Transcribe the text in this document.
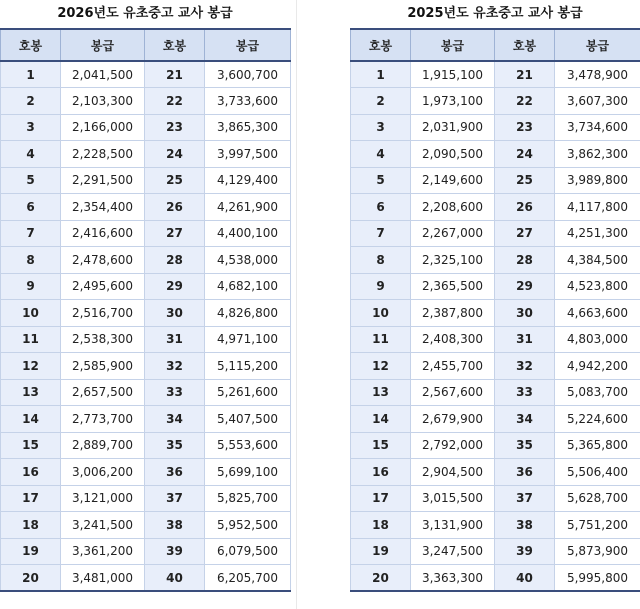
2026년도 유초중고 교사 봉급
호봉	봉급	호봉	봉급
1	2,041,500	21	3,600,700
2	2,103,300	22	3,733,600
3	2,166,000	23	3,865,300
4	2,228,500	24	3,997,500
5	2,291,500	25	4,129,400
6	2,354,400	26	4,261,900
7	2,416,600	27	4,400,100
8	2,478,600	28	4,538,000
9	2,495,600	29	4,682,100
10	2,516,700	30	4,826,800
11	2,538,300	31	4,971,100
12	2,585,900	32	5,115,200
13	2,657,500	33	5,261,600
14	2,773,700	34	5,407,500
15	2,889,700	35	5,553,600
16	3,006,200	36	5,699,100
17	3,121,000	37	5,825,700
18	3,241,500	38	5,952,500
19	3,361,200	39	6,079,500
20	3,481,000	40	6,205,700
2025년도 유초중고 교사 봉급
호봉	봉급	호봉	봉급
1	1,915,100	21	3,478,900
2	1,973,100	22	3,607,300
3	2,031,900	23	3,734,600
4	2,090,500	24	3,862,300
5	2,149,600	25	3,989,800
6	2,208,600	26	4,117,800
7	2,267,000	27	4,251,300
8	2,325,100	28	4,384,500
9	2,365,500	29	4,523,800
10	2,387,800	30	4,663,600
11	2,408,300	31	4,803,000
12	2,455,700	32	4,942,200
13	2,567,600	33	5,083,700
14	2,679,900	34	5,224,600
15	2,792,000	35	5,365,800
16	2,904,500	36	5,506,400
17	3,015,500	37	5,628,700
18	3,131,900	38	5,751,200
19	3,247,500	39	5,873,900
20	3,363,300	40	5,995,800
